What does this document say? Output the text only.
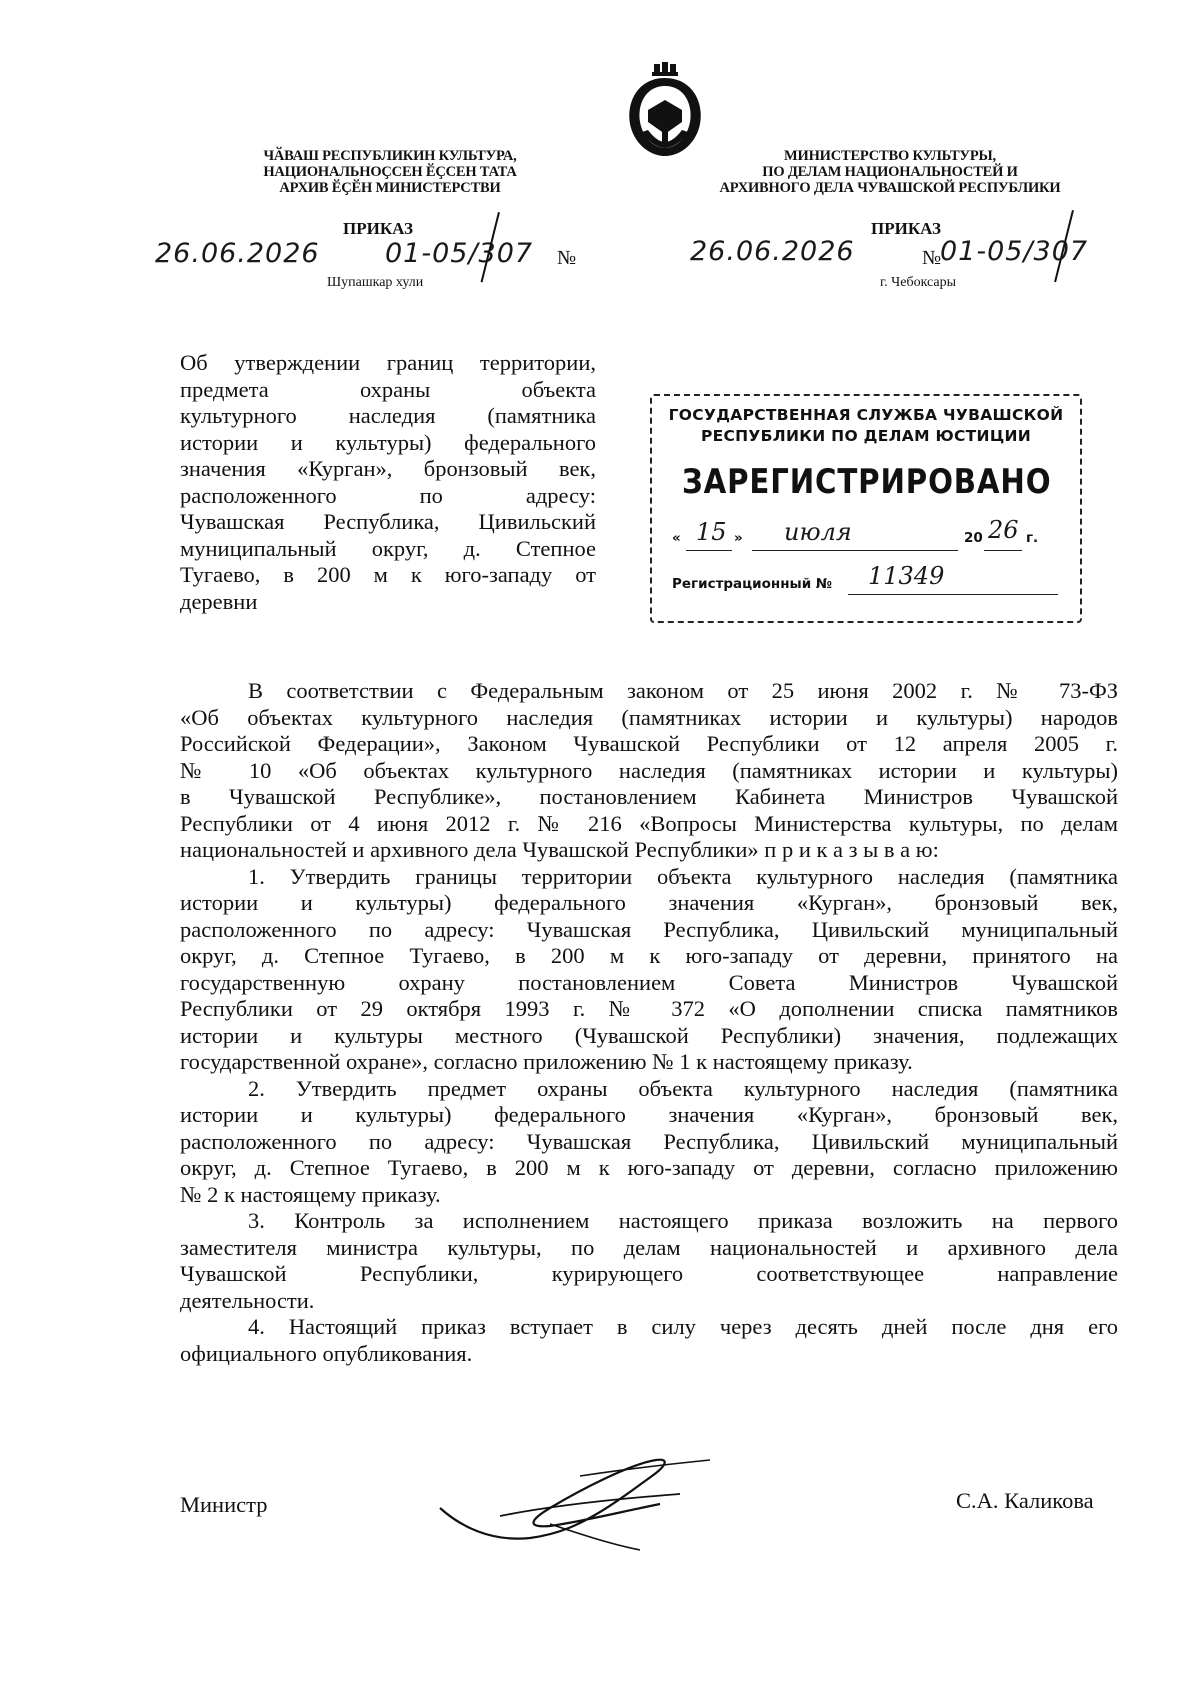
ЧӐВАШ РЕСПУБЛИКИН КУЛЬТУРА,
НАЦИОНАЛЬНОҪСЕН ӖҪСЕН ТАТА
АРХИВ ӖҪӖН МИНИСТЕРСТВИ
МИНИСТЕРСТВО КУЛЬТУРЫ,
ПО ДЕЛАМ НАЦИОНАЛЬНОСТЕЙ И
АРХИВНОГО ДЕЛА ЧУВАШСКОЙ РЕСПУБЛИКИ
ПРИКАЗ	ПРИКАЗ
26.06.2026 01-05/307 №	26.06.2026	№
01-05/307
Шупашкар хули	г. Чебоксары
Об утверждении границ территории,
предмета охраны объекта
культурного наследия (памятника
истории и культуры) федерального
значения «Курган», бронзовый век,
расположенного по адресу:
Чувашская Республика, Цивильский
муниципальный округ, д. Степное
Тугаево, в 200 м к юго-западу от
деревни
ГОСУДАРСТВЕННАЯ СЛУЖБА ЧУВАШСКОЙ
РЕСПУБЛИКИ ПО ДЕЛАМ ЮСТИЦИИ
ЗАРЕГИСТРИРОВАНО
« 15 » июля	20 26 г.
Регистрационный № 11349
В соответствии с Федеральным законом от 25 июня 2002 г. № 73-ФЗ
«Об объектах культурного наследия (памятниках истории и культуры) народов
Российской Федерации», Законом Чувашской Республики от 12 апреля 2005 г.
№ 10 «Об объектах культурного наследия (памятниках истории и культуры)
в Чувашской Республике», постановлением Кабинета Министров Чувашской
Республики от 4 июня 2012 г. № 216 «Вопросы Министерства культуры, по делам
национальностей и архивного дела Чувашской Республики» п р и к а з ы в а ю:
1. Утвердить границы территории объекта культурного наследия (памятника
истории и культуры) федерального значения «Курган», бронзовый век,
расположенного по адресу: Чувашская Республика, Цивильский муниципальный
округ, д. Степное Тугаево, в 200 м к юго-западу от деревни, принятого на
государственную охрану постановлением Совета Министров Чувашской
Республики от 29 октября 1993 г. № 372 «О дополнении списка памятников
истории и культуры местного (Чувашской Республики) значения, подлежащих
государственной охране», согласно приложению № 1 к настоящему приказу.
2. Утвердить предмет охраны объекта культурного наследия (памятника
истории и культуры) федерального значения «Курган», бронзовый век,
расположенного по адресу: Чувашская Республика, Цивильский муниципальный
округ, д. Степное Тугаево, в 200 м к юго-западу от деревни, согласно приложению
№ 2 к настоящему приказу.
3. Контроль за исполнением настоящего приказа возложить на первого
заместителя министра культуры, по делам национальностей и архивного дела
Чувашской Республики, курирующего соответствующее направление
деятельности.
4. Настоящий приказ вступает в силу через десять дней после дня его
официального опубликования.
Министр	С.А. Каликова
